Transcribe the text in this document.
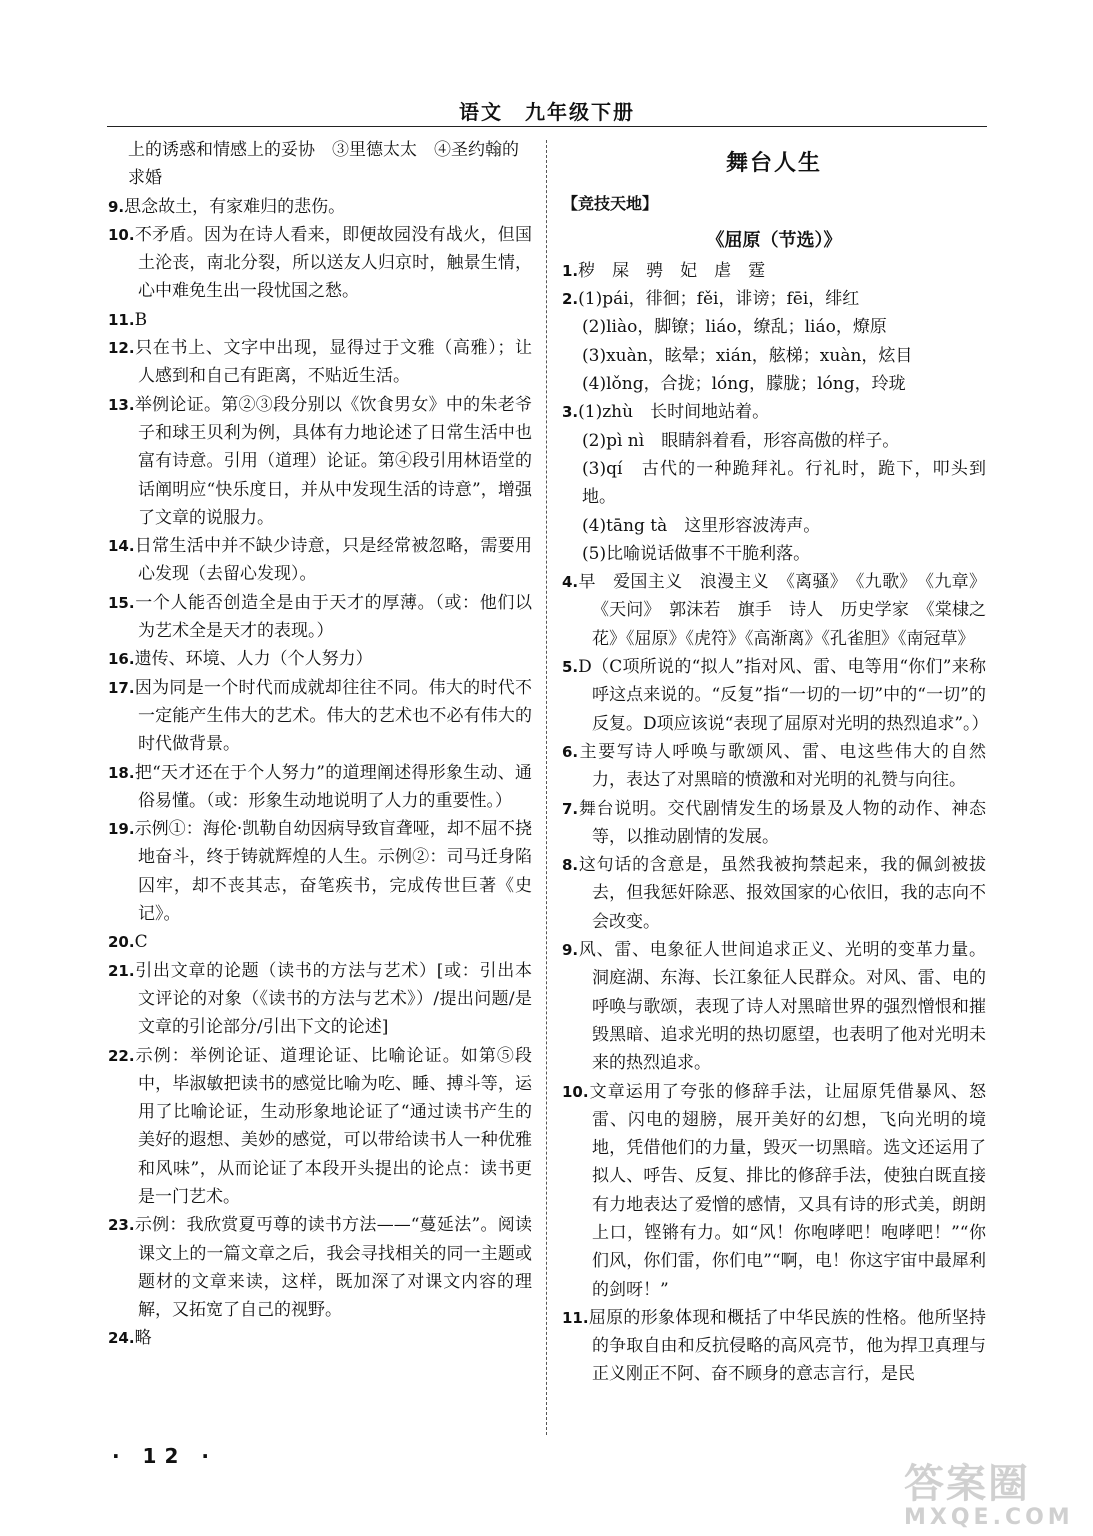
语文　九年级下册

上的诱惑和情感上的妥协　③里德太太　④圣约翰的

求婚

9.思念故土，有家难归的悲伤。

10.不矛盾。因为在诗人看来，即便故园没有战火，但国土沦丧，南北分裂，所以送友人归京时，触景生情，心中难免生出一段忧国之愁。

11.B

12.只在书上、文字中出现，显得过于文雅（高雅）；让人感到和自己有距离，不贴近生活。

13.举例论证。第②③段分别以《饮食男女》中的朱老爷子和球王贝利为例，具体有力地论述了日常生活中也富有诗意。引用（道理）论证。第④段引用林语堂的话阐明应“快乐度日，并从中发现生活的诗意”，增强了文章的说服力。

14.日常生活中并不缺少诗意，只是经常被忽略，需要用心发现（去留心发现）。

15.一个人能否创造全是由于天才的厚薄。（或：他们以为艺术全是天才的表现。）

16.遗传、环境、人力（个人努力）

17.因为同是一个时代而成就却往往不同。伟大的时代不一定能产生伟大的艺术。伟大的艺术也不必有伟大的时代做背景。

18.把“天才还在于个人努力”的道理阐述得形象生动、通俗易懂。（或：形象生动地说明了人力的重要性。）

19.示例①：海伦·凯勒自幼因病导致盲聋哑，却不屈不挠地奋斗，终于铸就辉煌的人生。示例②：司马迁身陷囚牢，却不丧其志，奋笔疾书，完成传世巨著《史记》。

20.C

21.引出文章的论题（读书的方法与艺术）[或：引出本文评论的对象（《读书的方法与艺术》）/提出问题/是文章的引论部分/引出下文的论述]

22.示例：举例论证、道理论证、比喻论证。如第⑤段中，毕淑敏把读书的感觉比喻为吃、睡、搏斗等，运用了比喻论证，生动形象地论证了“通过读书产生的美好的遐想、美妙的感觉，可以带给读书人一种优雅和风味”，从而论证了本段开头提出的论点：读书更是一门艺术。

23.示例：我欣赏夏丏尊的读书方法——“蔓延法”。阅读课文上的一篇文章之后，我会寻找相关的同一主题或题材的文章来读，这样，既加深了对课文内容的理解，又拓宽了自己的视野。

24.略

舞台人生
【竞技天地】
《屈原（节选）》

1.秽　屎　骋　妃　虐　霆

2.(1)pái，徘徊；fěi，诽谤；fēi，绯红

(2)liào，脚镣；liáo，缭乱；liáo，燎原

(3)xuàn，眩晕；xián，舷梯；xuàn，炫目

(4)lǒng，合拢；lóng，朦胧；lóng，玲珑

3.(1)zhù　长时间地站着。

(2)pì nì　眼睛斜着看，形容高傲的样子。

(3)qí　古代的一种跪拜礼。行礼时，跪下，叩头到地。

(4)tāng tà　这里形容波涛声。

(5)比喻说话做事不干脆利落。

4.早　爱国主义　浪漫主义　《离骚》　《九歌》　《九章》《天问》　郭沫若　旗手　诗人　历史学家　《棠棣之花》《屈原》《虎符》《高渐离》《孔雀胆》《南冠草》

5.D（C项所说的“拟人”指对风、雷、电等用“你们”来称呼这点来说的。“反复”指“一切的一切”中的“一切”的反复。D项应该说“表现了屈原对光明的热烈追求”。）

6.主要写诗人呼唤与歌颂风、雷、电这些伟大的自然力，表达了对黑暗的愤激和对光明的礼赞与向往。

7.舞台说明。交代剧情发生的场景及人物的动作、神态等，以推动剧情的发展。

8.这句话的含意是，虽然我被拘禁起来，我的佩剑被拔去，但我惩奸除恶、报效国家的心依旧，我的志向不会改变。

9.风、雷、电象征人世间追求正义、光明的变革力量。洞庭湖、东海、长江象征人民群众。对风、雷、电的呼唤与歌颂，表现了诗人对黑暗世界的强烈憎恨和摧毁黑暗、追求光明的热切愿望，也表明了他对光明未来的热烈追求。

10.文章运用了夸张的修辞手法，让屈原凭借暴风、怒雷、闪电的翅膀，展开美好的幻想，飞向光明的境地，凭借他们的力量，毁灭一切黑暗。选文还运用了拟人、呼告、反复、排比的修辞手法，使独白既直接有力地表达了爱憎的感情，又具有诗的形式美，朗朗上口，铿锵有力。如“风！你咆哮吧！咆哮吧！”“你们风，你们雷，你们电”“啊，电！你这宇宙中最犀利的剑呀！”

11.屈原的形象体现和概括了中华民族的性格。他所坚持的争取自由和反抗侵略的高风亮节，他为捍卫真理与正义刚正不阿、奋不顾身的意志言行，是民

· 12 ·
答案圈
MXQE.COM
